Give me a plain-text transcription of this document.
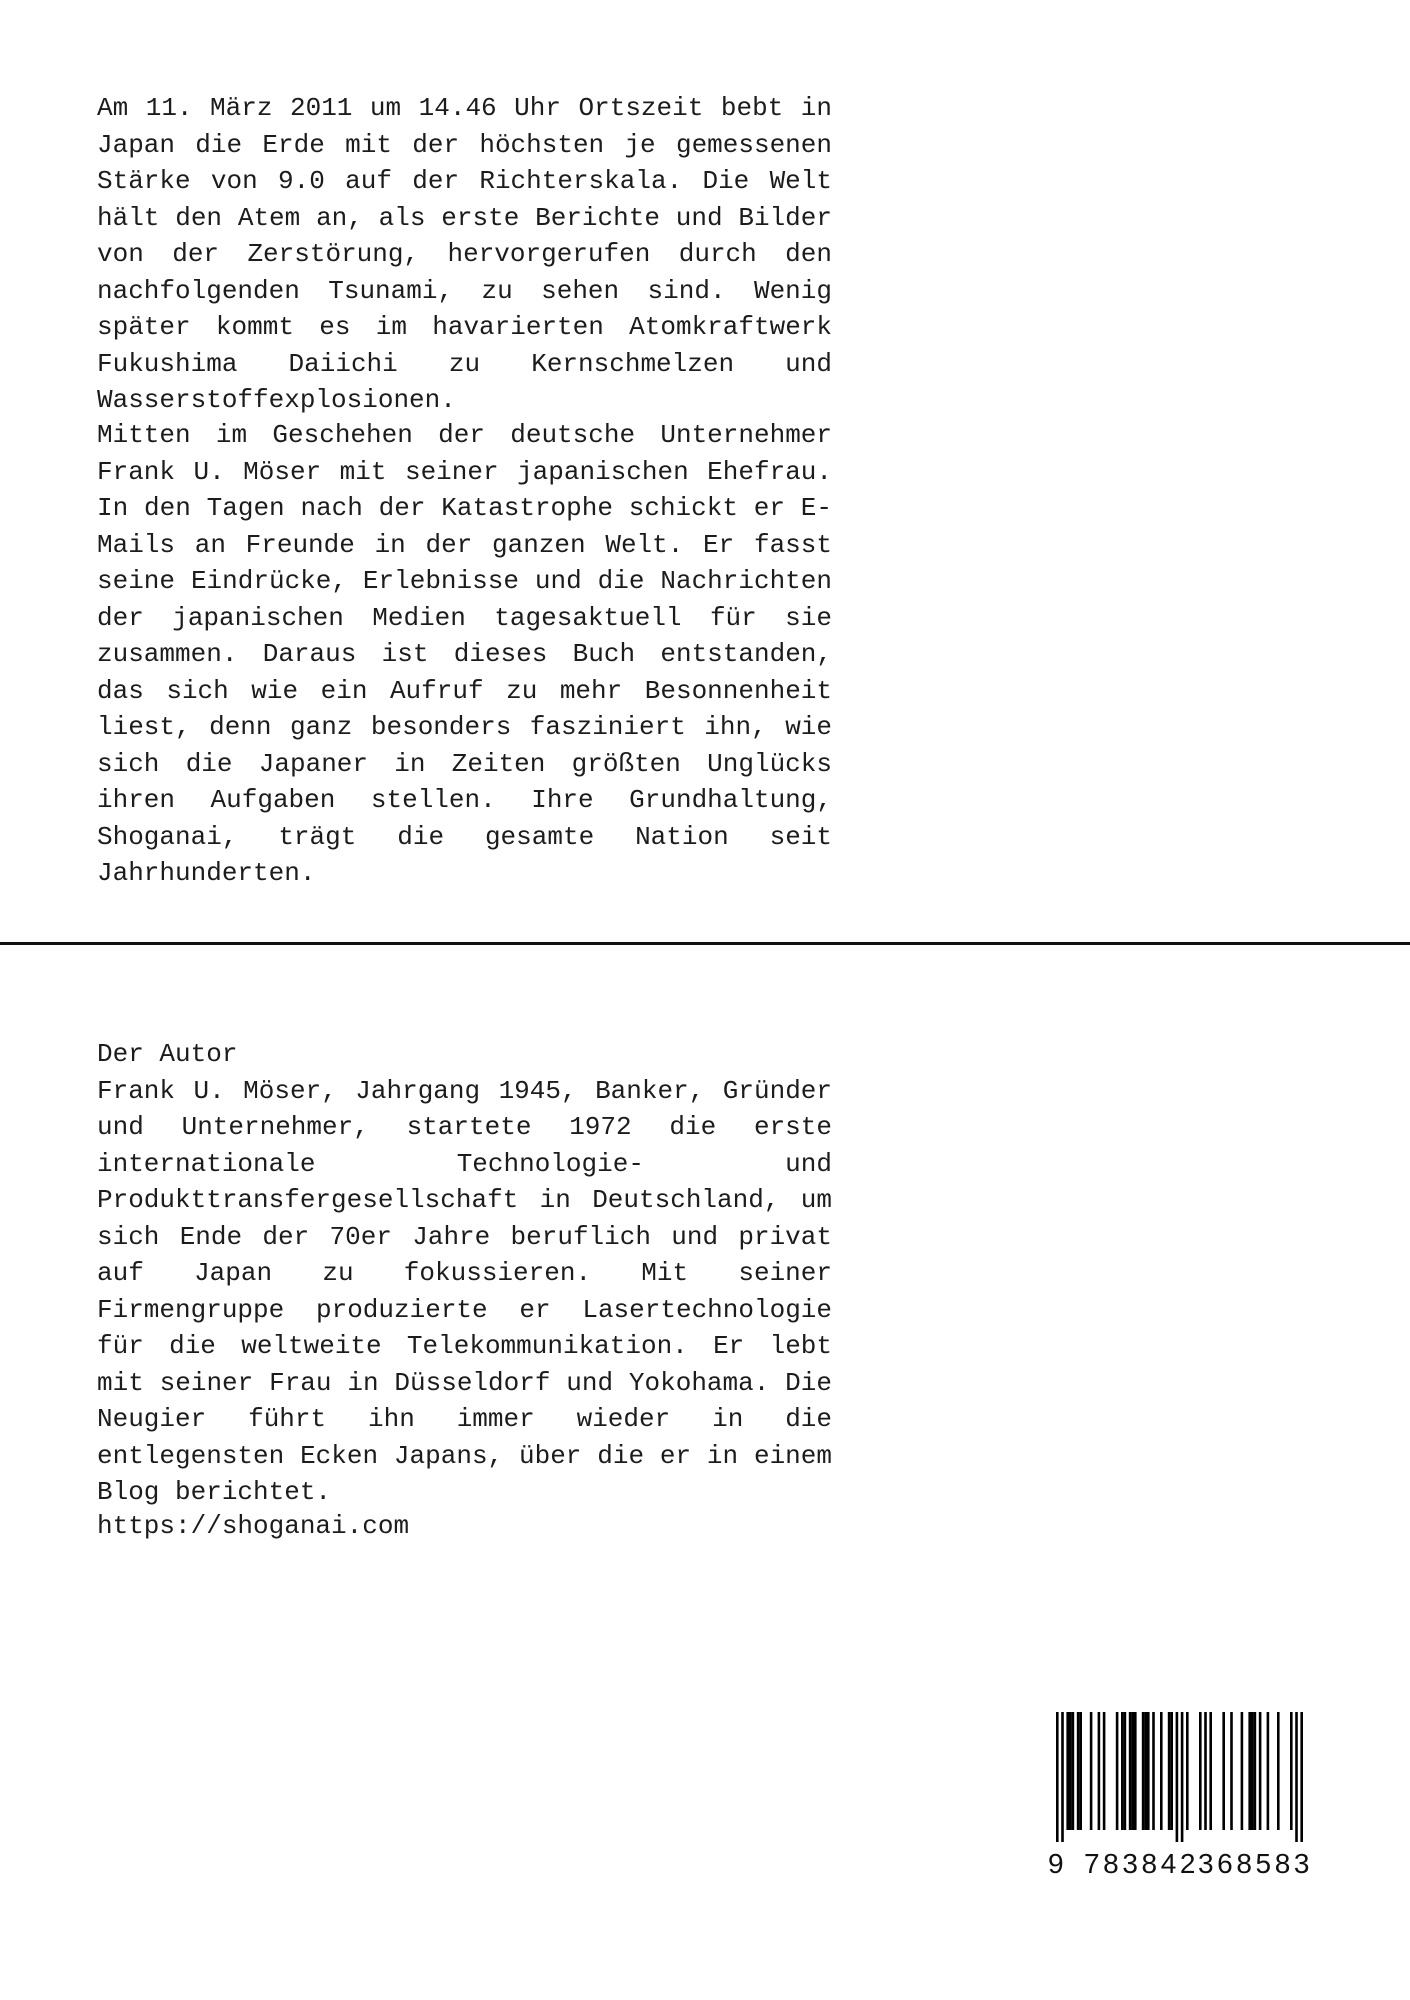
Am 11. März 2011 um 14.46 Uhr Ortszeit bebt in Japan die Erde mit der höchsten je gemessenen Stärke von 9.0 auf der Richterskala. Die Welt hält den Atem an, als erste Berichte und Bilder von der Zerstörung, hervorgerufen durch den nachfolgenden Tsunami, zu sehen sind. Wenig später kommt es im havarierten Atomkraftwerk Fukushima Daiichi zu Kernschmelzen und Wasserstoffexplosionen.

Mitten im Geschehen der deutsche Unternehmer Frank U. Möser mit seiner japanischen Ehefrau. In den Tagen nach der Katastrophe schickt er E-Mails an Freunde in der ganzen Welt. Er fasst seine Eindrücke, Erlebnisse und die Nachrichten der japanischen Medien tagesaktuell für sie zusammen. Daraus ist dieses Buch entstanden, das sich wie ein Aufruf zu mehr Besonnenheit liest, denn ganz besonders fasziniert ihn, wie sich die Japaner in Zeiten größten Unglücks ihren Aufgaben stellen. Ihre Grundhaltung, Shoganai, trägt die gesamte Nation seit Jahrhunderten.

Der Autor

Frank U. Möser, Jahrgang 1945, Banker, Gründer und Unternehmer, startete 1972 die erste internationale Technologie- und Produkttransfergesellschaft in Deutschland, um sich Ende der 70er Jahre beruflich und privat auf Japan zu fokussieren. Mit seiner Firmengruppe produzierte er Lasertechnologie für die weltweite Telekommunikation. Er lebt mit seiner Frau in Düsseldorf und Yokohama. Die Neugier führt ihn immer wieder in die entlegensten Ecken Japans, über die er in einem Blog berichtet.

https://shoganai.com

9 783842
368583
